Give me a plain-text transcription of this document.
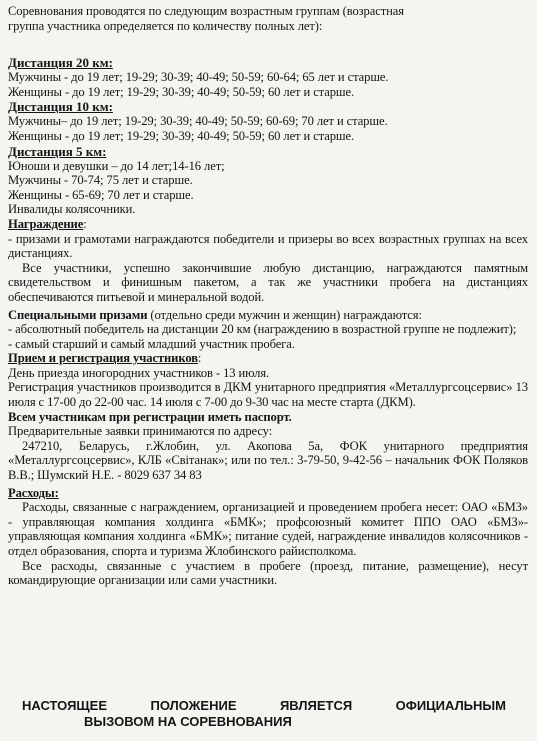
Соревнования проводятся по следующим возрастным группам (возрастная
группа участника определяется по количеству полных лет):
Дистанция 20 км:
Мужчины - до 19 лет; 19-29; 30-39; 40-49; 50-59; 60-64; 65 лет и старше.
Женщины - до 19 лет; 19-29; 30-39; 40-49; 50-59; 60 лет и старше.
Дистанция 10 км:
Мужчины– до 19 лет; 19-29; 30-39; 40-49; 50-59; 60-69; 70 лет и старше.
Женщины - до 19 лет; 19-29; 30-39; 40-49; 50-59; 60 лет и старше.
Дистанция 5 км:
Юноши и девушки – до 14 лет;14-16 лет;
Мужчины - 70-74; 75 лет и старше.
Женщины - 65-69; 70 лет и старше.
Инвалиды колясочники.
Награждение:
- призами и грамотами награждаются победители и призеры во всех возрастных группах на всех дистанциях.
Все участники, успешно закончившие любую дистанцию, награждаются памятным свидетельством и финишным пакетом, а так же участники пробега на дистанциях обеспечиваются питьевой и минеральной водой.
Специальными призами (отдельно среди мужчин и женщин) награждаются:
- абсолютный победитель на дистанции 20 км (награждению в возрастной группе не подлежит);
- самый старший и самый младший участник пробега.
Прием и регистрация участников:
День приезда иногородних участников - 13 июля.
Регистрация участников производится в ДКМ унитарного предприятия «Металлургсоцсервис» 13 июля с 17-00 до 22-00 час. 14 июля с 7-00 до 9-30 час на месте старта (ДКМ).
Всем участникам при регистрации иметь паспорт.
Предварительные заявки принимаются по адресу:
247210, Беларусь, г.Жлобин, ул. Акопова 5а, ФОК унитарного предприятия «Металлургсоцсервис», КЛБ «Світанак»; или по тел.: 3-79-50, 9-42-56 – начальник ФОК Поляков В.В.; Шумский Н.Е. - 8029 637 34 83
Расходы:
Расходы, связанные с награждением, организацией и проведением пробега несет: ОАО «БМЗ» - управляющая компания холдинга «БМК»; профсоюзный комитет ППО ОАО «БМЗ»- управляющая компания холдинга «БМК»; питание судей, награждение инвалидов колясочников - отдел образования, спорта и туризма Жлобинского райисполкома.
Все расходы, связанные с участием в пробеге (проезд, питание, размещение), несут командирующие организации или сами участники.
НАСТОЯЩЕЕ	ПОЛОЖЕНИЕ	ЯВЛЯЕТСЯ	ОФИЦИАЛЬНЫМ
ВЫЗОВОМ НА СОРЕВНОВАНИЯ
